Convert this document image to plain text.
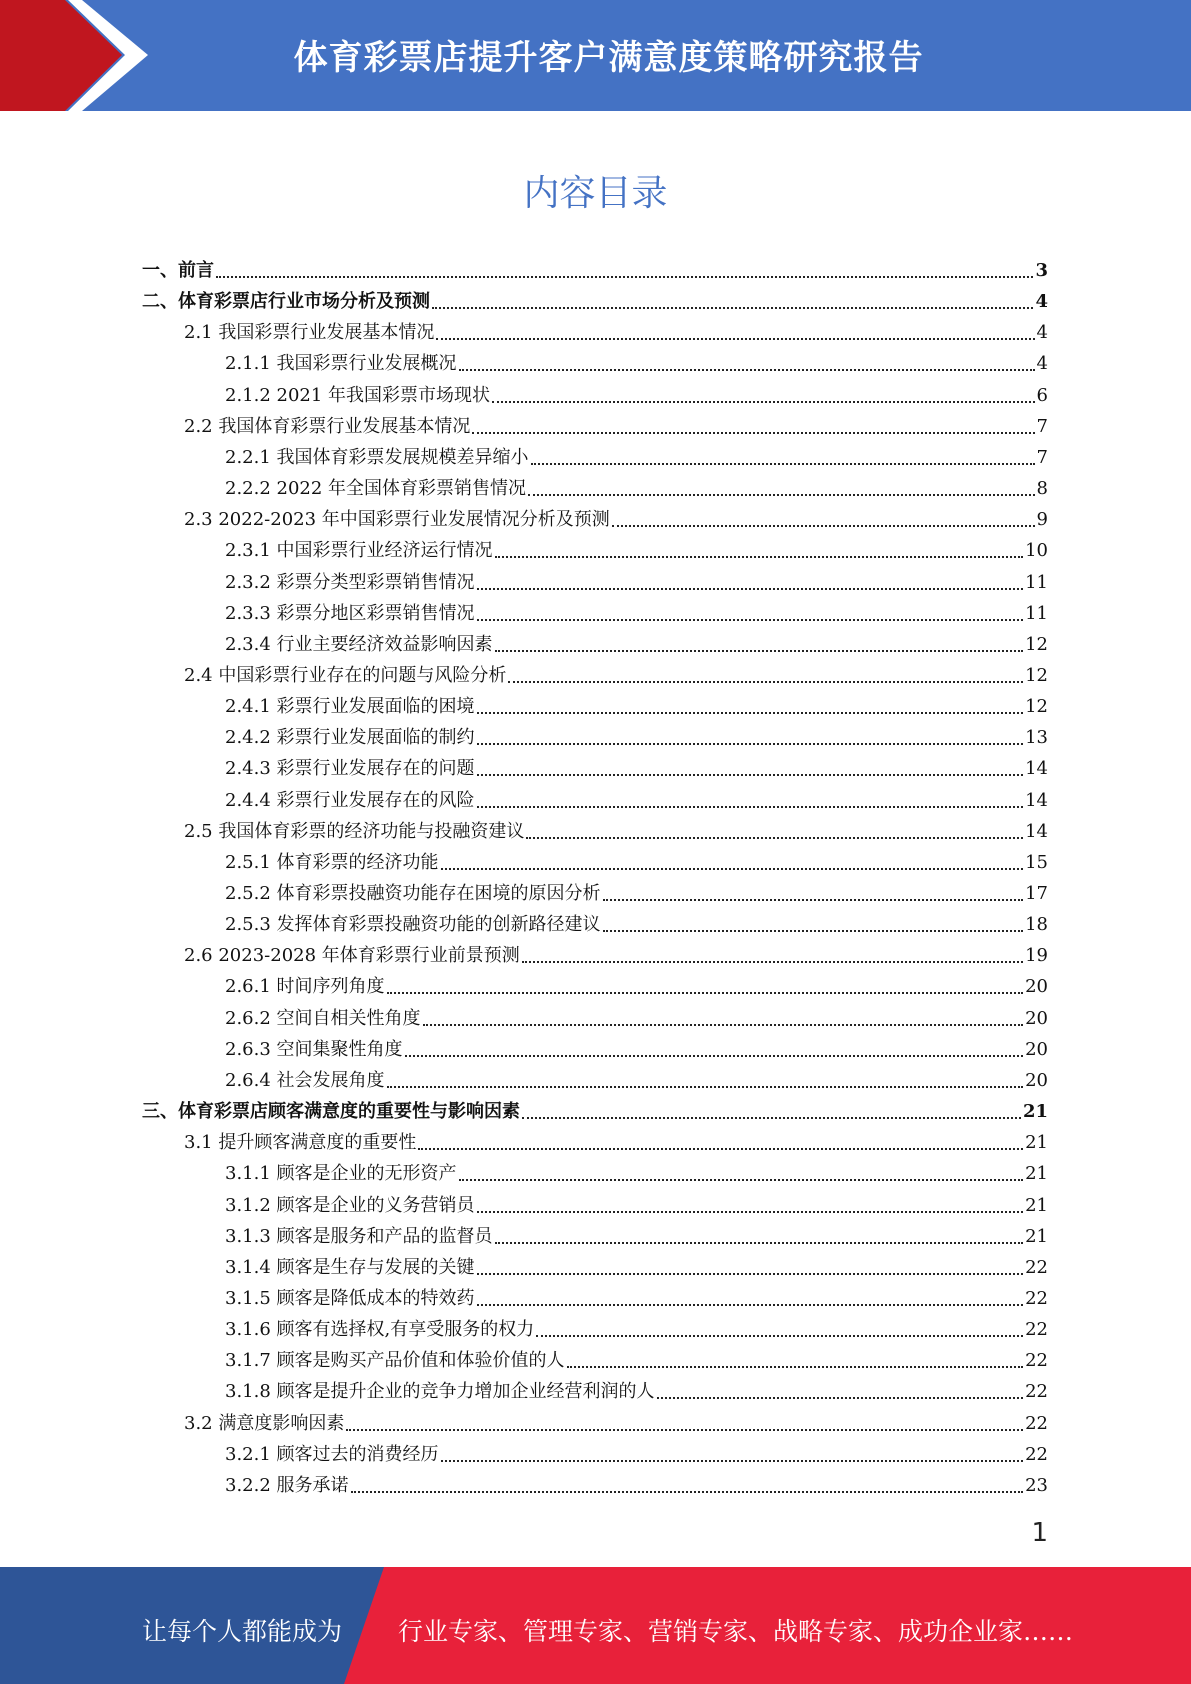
体育彩票店提升客户满意度策略研究报告
内容目录
一、前言	3
二、体育彩票店行业市场分析及预测	4
2.1 我国彩票行业发展基本情况	4
2.1.1 我国彩票行业发展概况	4
2.1.2 2021 年我国彩票市场现状	6
2.2 我国体育彩票行业发展基本情况	7
2.2.1 我国体育彩票发展规模差异缩小	7
2.2.2 2022 年全国体育彩票销售情况	8
2.3 2022-2023 年中国彩票行业发展情况分析及预测	9
2.3.1 中国彩票行业经济运行情况	10
2.3.2 彩票分类型彩票销售情况	11
2.3.3 彩票分地区彩票销售情况	11
2.3.4 行业主要经济效益影响因素	12
2.4 中国彩票行业存在的问题与风险分析	12
2.4.1 彩票行业发展面临的困境	12
2.4.2 彩票行业发展面临的制约	13
2.4.3 彩票行业发展存在的问题	14
2.4.4 彩票行业发展存在的风险	14
2.5 我国体育彩票的经济功能与投融资建议	14
2.5.1 体育彩票的经济功能	15
2.5.2 体育彩票投融资功能存在困境的原因分析	17
2.5.3 发挥体育彩票投融资功能的创新路径建议	18
2.6 2023-2028 年体育彩票行业前景预测	19
2.6.1 时间序列角度	20
2.6.2 空间自相关性角度	20
2.6.3 空间集聚性角度	20
2.6.4 社会发展角度	20
三、体育彩票店顾客满意度的重要性与影响因素	21
3.1 提升顾客满意度的重要性	21
3.1.1 顾客是企业的无形资产	21
3.1.2 顾客是企业的义务营销员	21
3.1.3 顾客是服务和产品的监督员	21
3.1.4 顾客是生存与发展的关键	22
3.1.5 顾客是降低成本的特效药	22
3.1.6 顾客有选择权,有享受服务的权力	22
3.1.7 顾客是购买产品价值和体验价值的人	22
3.1.8 顾客是提升企业的竞争力增加企业经营利润的人	22
3.2 满意度影响因素	22
3.2.1 顾客过去的消费经历	22
3.2.2 服务承诺	23
1
让每个人都能成为 行业专家、管理专家、营销专家、战略专家、成功企业家……
